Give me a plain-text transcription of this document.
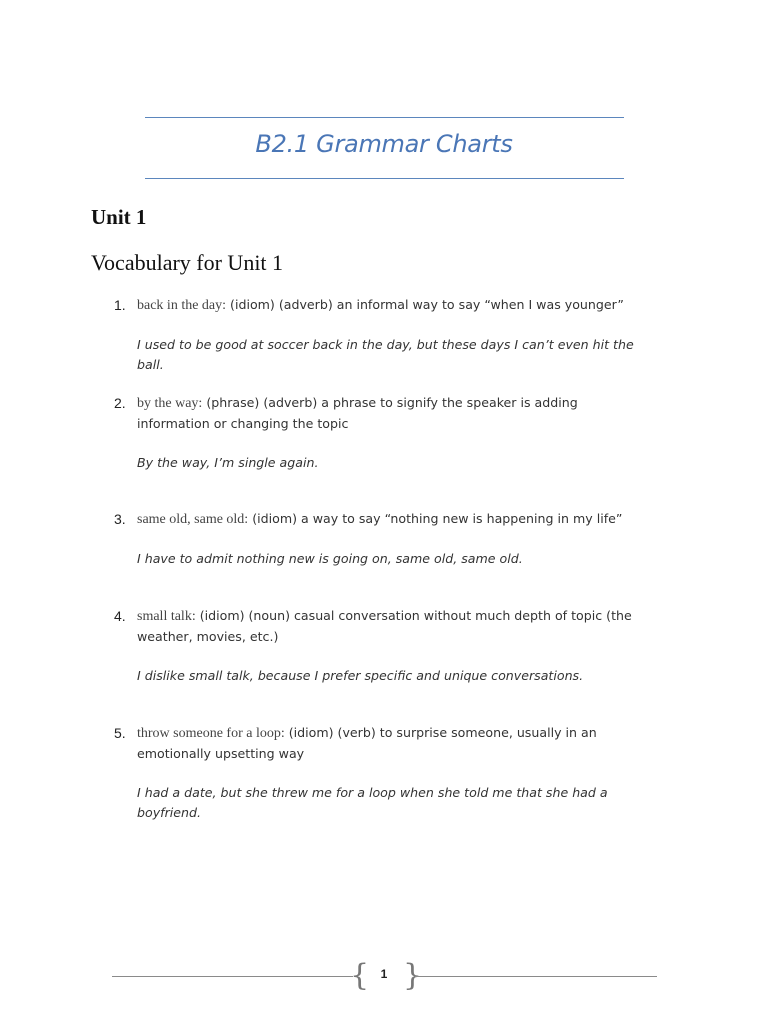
B2.1 Grammar Charts
Unit 1
Vocabulary for Unit 1
1. back in the day: (idiom) (adverb) an informal way to say “when I was younger”
I used to be good at soccer back in the day, but these days I can’t even hit the ball.
2. by the way: (phrase) (adverb) a phrase to signify the speaker is adding information or changing the topic
By the way, I’m single again.
3. same old, same old: (idiom) a way to say “nothing new is happening in my life”
I have to admit nothing new is going on, same old, same old.
4. small talk: (idiom) (noun) casual conversation without much depth of topic (the weather, movies, etc.)
I dislike small talk, because I prefer specific and unique conversations.
5. throw someone for a loop: (idiom) (verb) to surprise someone, usually in an emotionally upsetting way
I had a date, but she threw me for a loop when she told me that she had a boyfriend.
{ 1 }
